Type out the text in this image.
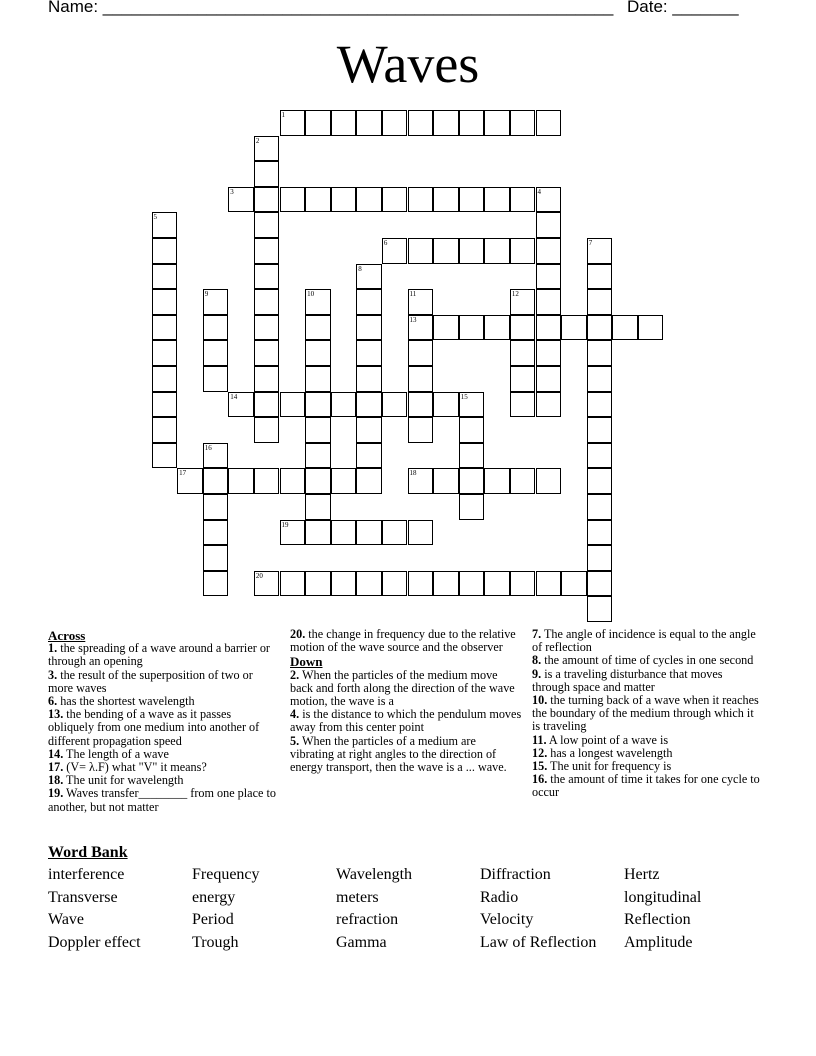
Name: ______________________________________________________ Date: _______
Waves
1
2
3	4
5
6	7
8
9	10	11
13
12
14	15
16
17	18
19
20
Across
1. the spreading of a wave around a barrier or through an opening
3. the result of the superposition of two or more waves
6. has the shortest wavelength
13. the bending of a wave as it passes obliquely from one medium into another of different propagation speed
14. The length of a wave
17. (V= λ.F) what "V" it means?
18. The unit for wavelength
19. Waves transfer________ from one place to another, but not matter
20. the change in frequency due to the relative motion of the wave source and the observer
Down
2. When the particles of the medium move back and forth along the direction of the wave motion, the wave is a
4. is the distance to which the pendulum moves away from this center point
5. When the particles of a medium are vibrating at right angles to the direction of energy transport, then the wave is a ... wave.
7. The angle of incidence is equal to the angle of reflection
8. the amount of time of cycles in one second
9. is a traveling disturbance that moves through space and matter
10. the turning back of a wave when it reaches the boundary of the medium through which it is traveling
11. A low point of a wave is
12. has a longest wavelength
15. The unit for frequency is
16. the amount of time it takes for one cycle to occur
Word Bank
interference	Frequency	Wavelength	Diffraction	Hertz
Transverse	energy	meters	Radio	longitudinal
Wave	Period	refraction	Velocity	Reflection
Doppler effect	Trough	Gamma	Law of Reflection Amplitude
